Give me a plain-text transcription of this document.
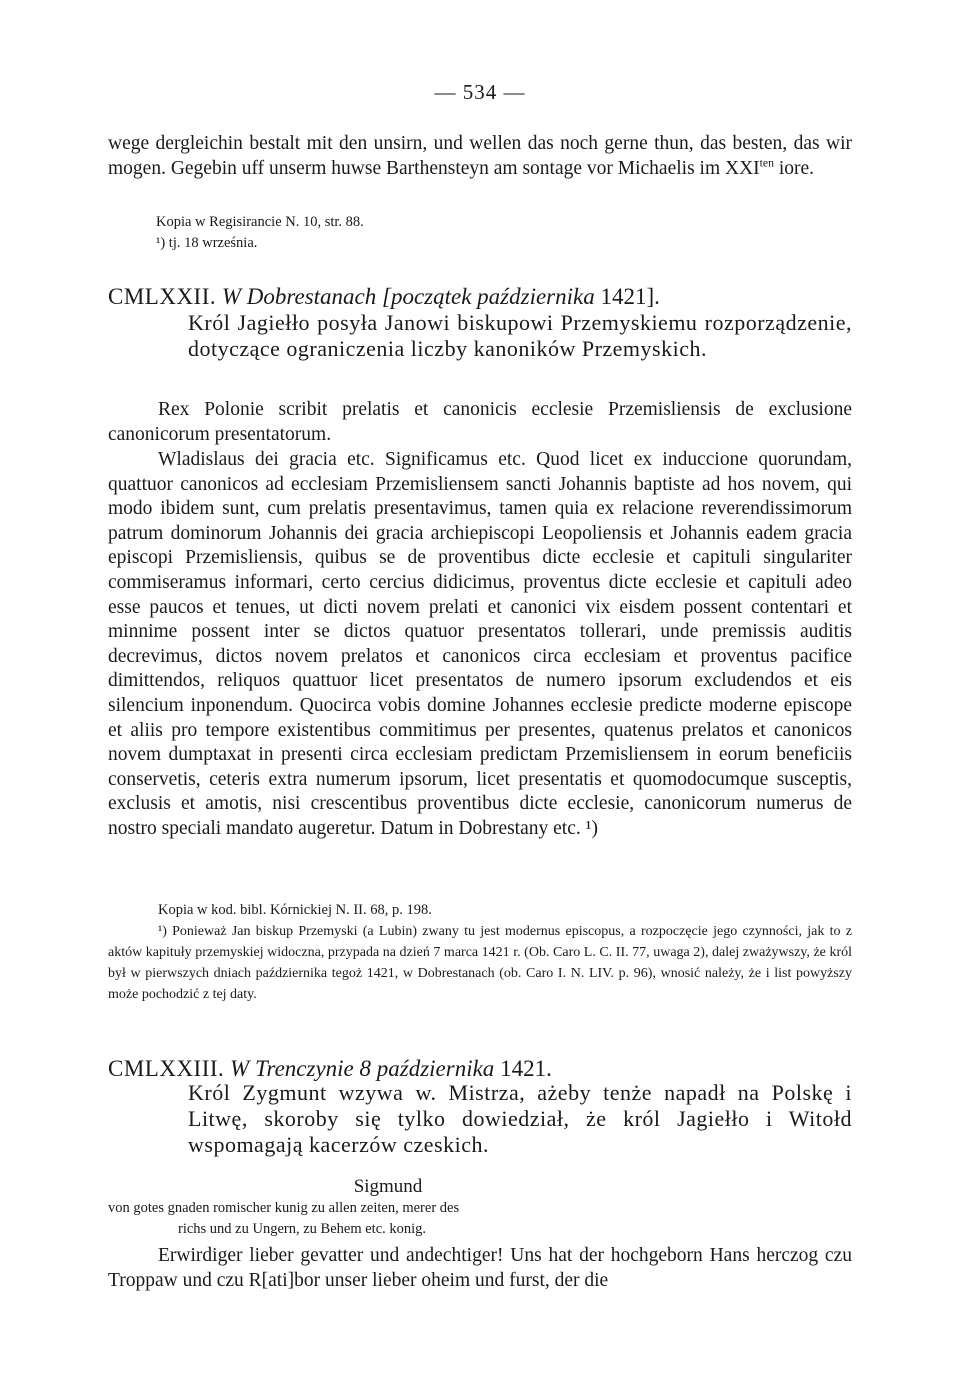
— 534 —

wege dergleichin bestalt mit den unsirn, und wellen das noch gerne thun, das besten, das wir mogen. Gegebin uff unserm huwse Barthensteyn am sontage vor Michaelis im $XXI^{ten}$ iore.

Kopia w Regisirancie N. 10, str. 88.

¹) tj. 18 września.

CMLXXII. W Dobrestanach [początek października 1421].

Król Jagiełło posyła Janowi biskupowi Przemyskiemu rozporządzenie, dotyczące ograniczenia liczby kanoników Przemyskich.

Rex Polonie scribit prelatis et canonicis ecclesie Przemisliensis de exclusione canonicorum presentatorum.

Wladislaus dei gracia etc. Significamus etc. Quod licet ex induccione quorundam, quattuor canonicos ad ecclesiam Przemisliensem sancti Johannis baptiste ad hos novem, qui modo ibidem sunt, cum prelatis presentavimus, tamen quia ex relacione reverendissimorum patrum dominorum Johannis dei gracia archiepiscopi Leopoliensis et Johannis eadem gracia episcopi Przemisliensis, quibus se de proventibus dicte ecclesie et capituli singulariter commiseramus informari, certo cercius didicimus, proventus dicte ecclesie et capituli adeo esse paucos et tenues, ut dicti novem prelati et canonici vix eisdem possent contentari et minnime possent inter se dictos quatuor presentatos tollerari, unde premissis auditis decrevimus, dictos novem prelatos et canonicos circa ecclesiam et proventus pacifice dimittendos, reliquos quattuor licet presentatos de numero ipsorum excludendos et eis silencium inponendum. Quocirca vobis domine Johannes ecclesie predicte moderne episcope et aliis pro tempore existentibus commitimus per presentes, quatenus prelatos et canonicos novem dumptaxat in presenti circa ecclesiam predictam Przemisliensem in eorum beneficiis conservetis, ceteris extra numerum ipsorum, licet presentatis et quomodocumque susceptis, exclusis et amotis, nisi crescentibus proventibus dicte ecclesie, canonicorum numerus de nostro speciali mandato augeretur. Datum in Dobrestany etc. ¹)

Kopia w kod. bibl. Kórnickiej N. II. 68, p. 198.

¹) Ponieważ Jan biskup Przemyski (a Lubin) zwany tu jest modernus episcopus, a rozpoczęcie jego czynności, jak to z aktów kapituły przemyskiej widoczna, przypada na dzień 7 marca 1421 r. (Ob. Caro L. C. II. 77, uwaga 2), dalej zważywszy, że król był w pierwszych dniach października tegoż 1421, w Dobrestanach (ob. Caro I. N. LIV. p. 96), wnosić należy, że i list powyższy może pochodzić z tej daty.

CMLXXIII. W Trenczynie 8 października 1421.

Król Zygmunt wzywa w. Mistrza, ażeby tenże napadł na Polskę i Litwę, skoroby się tylko dowiedział, że król Jagiełło i Witołd wspomagają kacerzów czeskich.

Sigmund

von gotes gnaden romischer kunig zu allen zeiten, merer des

richs und zu Ungern, zu Behem etc. konig.

Erwirdiger lieber gevatter und andechtiger! Uns hat der hochgeborn Hans herczog czu Troppaw und czu R[ati]bor unser lieber oheim und furst, der die
